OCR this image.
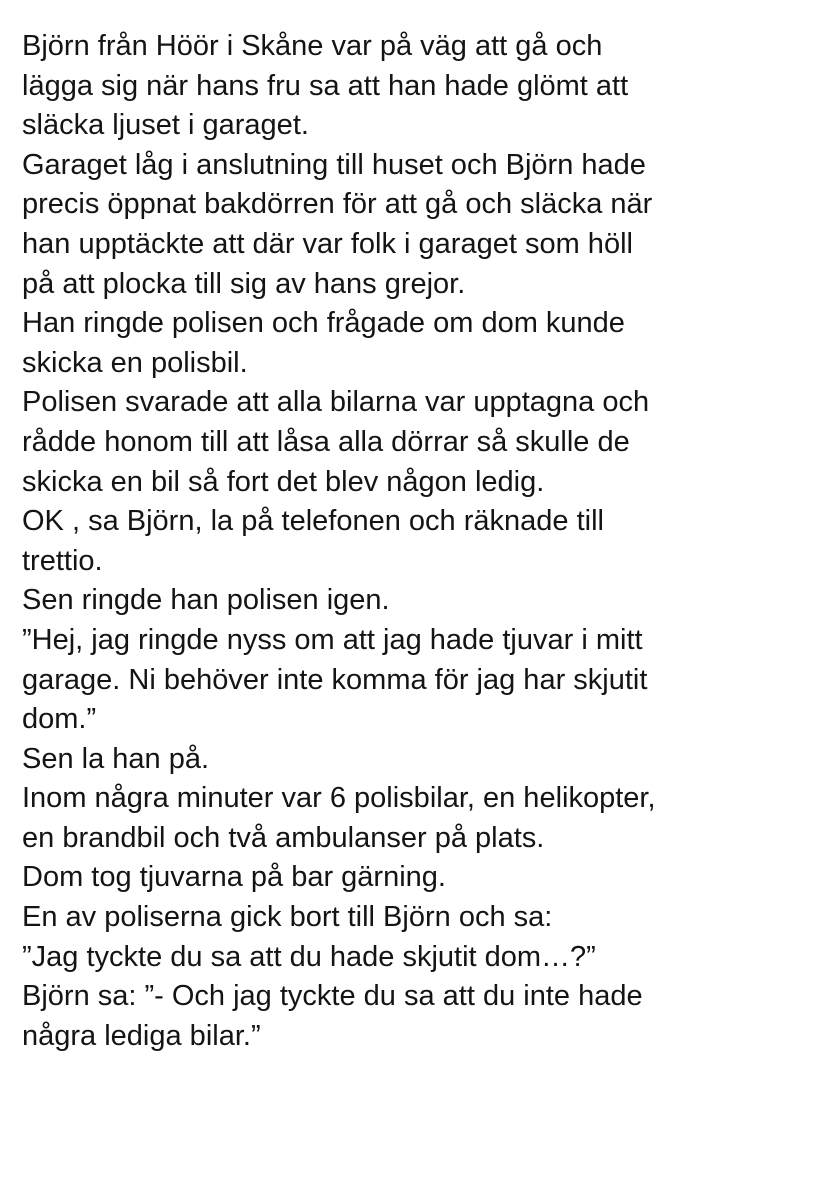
Björn från Höör i Skåne var på väg att gå och
lägga sig när hans fru sa att han hade glömt att
släcka ljuset i garaget.
Garaget låg i anslutning till huset och Björn hade
precis öppnat bakdörren för att gå och släcka när
han upptäckte att där var folk i garaget som höll
på att plocka till sig av hans grejor.
Han ringde polisen och frågade om dom kunde
skicka en polisbil.
Polisen svarade att alla bilarna var upptagna och
rådde honom till att låsa alla dörrar så skulle de
skicka en bil så fort det blev någon ledig.
OK , sa Björn, la på telefonen och räknade till
trettio.
Sen ringde han polisen igen.
”Hej, jag ringde nyss om att jag hade tjuvar i mitt
garage. Ni behöver inte komma för jag har skjutit
dom.”
Sen la han på.
Inom några minuter var 6 polisbilar, en helikopter,
en brandbil och två ambulanser på plats.
Dom tog tjuvarna på bar gärning.
En av poliserna gick bort till Björn och sa:
”Jag tyckte du sa att du hade skjutit dom…?”
Björn sa: ”- Och jag tyckte du sa att du inte hade
några lediga bilar.”
